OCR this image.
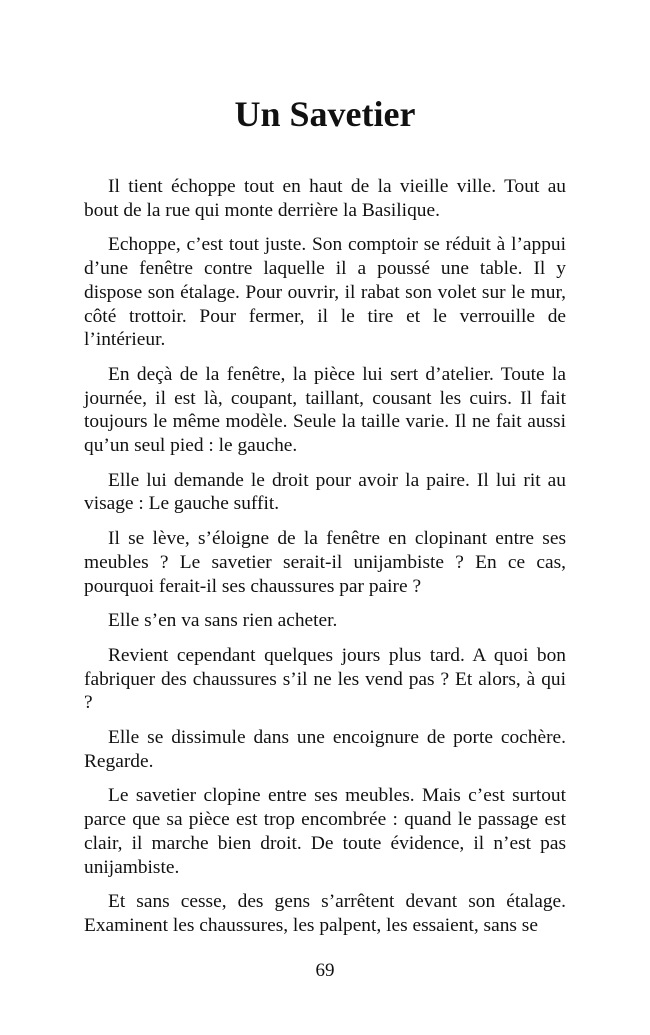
Un Savetier

Il tient échoppe tout en haut de la vieille ville. Tout au bout de la rue qui monte derrière la Basilique.

Echoppe, c’est tout juste. Son comptoir se réduit à l’appui d’une fenêtre contre laquelle il a poussé une table. Il y dispose son étalage. Pour ouvrir, il rabat son volet sur le mur, côté trottoir. Pour fermer, il le tire et le verrouille de l’intérieur.

En deçà de la fenêtre, la pièce lui sert d’atelier. Toute la journée, il est là, coupant, taillant, cousant les cuirs. Il fait toujours le même modèle. Seule la taille varie. Il ne fait aussi qu’un seul pied : le gauche.

Elle lui demande le droit pour avoir la paire. Il lui rit au visage : Le gauche suffit.

Il se lève, s’éloigne de la fenêtre en clopinant entre ses meubles ? Le savetier serait-il unijambiste ? En ce cas, pourquoi ferait-il ses chaussures par paire ?

Elle s’en va sans rien acheter.

Revient cependant quelques jours plus tard. A quoi bon fabriquer des chaussures s’il ne les vend pas ? Et alors, à qui ?

Elle se dissimule dans une encoignure de porte cochère. Regarde.

Le savetier clopine entre ses meubles. Mais c’est surtout parce que sa pièce est trop encombrée : quand le passage est clair, il marche bien droit. De toute évidence, il n’est pas unijambiste.

Et sans cesse, des gens s’arrêtent devant son étalage. Examinent les chaussures, les palpent, les essaient, sans se

69
